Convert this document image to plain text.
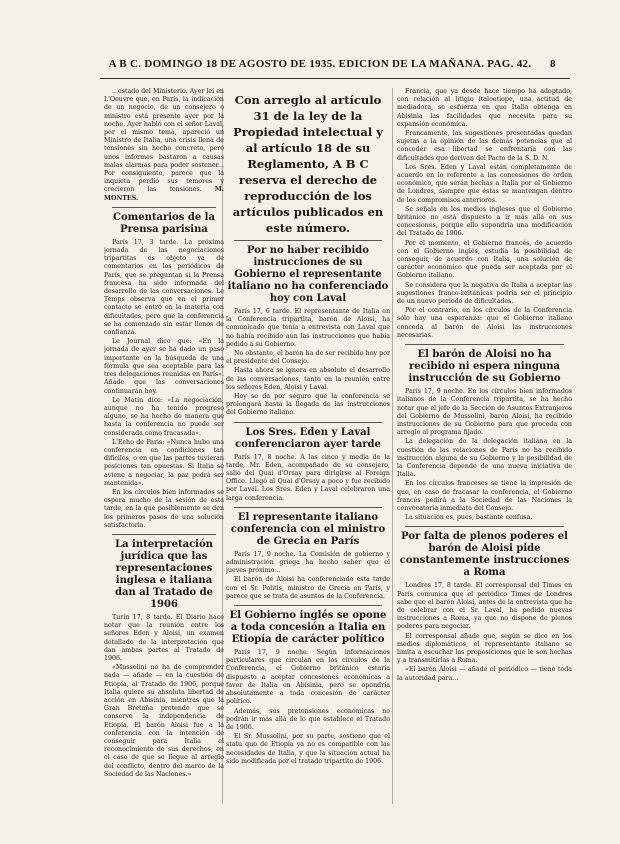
A B C. DOMINGO 18 DE AGOSTO DE 1935. EDICION DE LA MAÑANA. PAG. 42.	8

...estado del Ministerio. Ayer leí en L'Oeuvre que, en París, la indicación de un negocio, de un consejero o ministro está presente ayer por la noche. Ayer habló con el señor Laval, por el mismo tema, apareció un Ministro de Italia, una crisis llena de tensiones sin hecho concreto, pero unos informes bastaron a causas malas alarmas para poder sostener... Por consiguiente, parece que la inquieta perdió sus temores y crecieron las tensiones. M. MONTES.

Comentarios de la Prensa parisina

París 17, 3 tarde. La próxima jornada de las negociaciones tripartitas es objeto ya de comentarios en los periódicos de París, que se preguntan si la Prensa francesa ha sido informada del desarrollo de las conversaciones. Le Temps observa que en el primer contacto se entró en la materia con dificultades, pero que la conferencia se ha comenzado sin estar llenos de confianza.

Le Journal dice que: «En la jornada de ayer se ha dado un paso importante en la búsqueda de una fórmula que sea aceptable para las tres delegaciones reunidas en París». Añade que las conversaciones continuarán hoy.

Le Matin dice: «La negociación, aunque no ha tenido progreso alguno, se ha hecho de manera que hasta la conferencia no puede ser considerada como fracasada».

L'Echo de Paris: «Nunca hubo una conferencia en condiciones tan difíciles, o en que las partes tuvieran posiciones tan opuestas. Si Italia se aviene a negociar, la paz podrá ser mantenida».

En los círculos bien informados se espera mucho de la sesión de esta tarde, en la que posiblemente se den los primeros pasos de una solución satisfactoria.

La interpretación jurídica que las representaciones inglesa e italiana dan al Tratado de 1906

Turín 17, 8 tarde. El Diario hace notar que la reunión entre los señores Eden y Aloisi, un examen detallado de la interpretación que dan ambas partes al Tratado de 1906.

«Mussolini no ha de comprender nada — añade — en la cuestión de Etiopía, al Tratado de 1906, porque Italia quiere su absoluta libertad de acción en Abisinia, mientras que la Gran Bretaña pretende que se conserve la independencia de Etiopía. El barón Aloisi fue a la conferencia con la intención de conseguir para Italia el reconocimiento de sus derechos, en el caso de que se llegue al arreglo del conflicto, dentro del marco de la Sociedad de las Naciones.»

Con arreglo al artículo 31 de la ley de la Propiedad intelectual y al artículo 18 de su Reglamento, A B C reserva el derecho de reproducción de los artículos publicados en este número.
Por no haber recibido instrucciones de su Gobierno el representante italiano no ha conferenciado hoy con Laval

París 17, 6 tarde. El representante de Italia en la Conferencia tripartita, barón de Aloisi, ha comunicado que tenía a entrevista con Laval que no había recibido aún las instrucciones que había pedido a su Gobierno.

No obstante, el barón ha de ser recibido hoy por el presidente del Consejo.

Hasta ahora se ignora en absoluto el desarrollo de las conversaciones, tanto en la reunión entre los señores Eden, Aloisi y Laval.

Hoy se da por seguro que la conferencia se prolongará hasta la llegada de las instrucciones del Gobierno italiano.

Los Sres. Eden y Laval conferenciaron ayer tarde

París 17, 8 noche. A las cinco y media de la tarde, Mr. Eden, acompañado de su consejero, salió del Quai d'Orsay para dirigirse al Foreign Office. Llegó al Quai d'Orsay a poco y fue recibido por Laval. Los Sres. Eden y Laval celebraron una larga conferencia.

El representante italiano conferencia con el ministro de Grecia en París

París 17, 9 noche. La Comisión de gobierno y administración griega ha hecho saber que el jueves próximo...

El barón de Aloisi ha conferenciado esta tarde con el Sr. Politis, ministro de Grecia en París, y parece que se trata de asuntos de la Conferencia.

El Gobierno inglés se opone a toda concesión a Italia en Etiopía de carácter político

París 17, 9 noche. Según informaciones particulares que circulan en los círculos de la Conferencia, el Gobierno británico estaría dispuesto a aceptar concesiones económicas a favor de Italia en Abisinia, pero se opondría absolutamente a toda concesión de carácter político.

Además, sus pretensiones económicas no podrán ir más allá de lo que establece el Tratado de 1906.

El Sr. Mussolini, por su parte, sostiene que el statu quo de Etiopía ya no es compatible con las necesidades de Italia, y que la situación actual ha sido modificada por el tratado tripartito de 1906.

Francia, que ya desde hace tiempo ha adoptado, con relación al litigio italoetíope, una actitud de mediadora, se esfuerza en que Italia obtenga en Abisinia las facilidades que necesita para su expansión económica.

Francamente, las sugestiones presentadas quedan sujetas a la opinión de las demás potencias que al conceder esa libertad se enfrentaría con las dificultades que derivan del Pacto de la S. D. N.

Los Sres. Eden y Laval están completamente de acuerdo en lo referente a las concesiones de orden económico, que serán hechas a Italia por el Gobierno de Londres, siempre que éstas se mantengan dentro de los compromisos anteriores.

Se señala en los medios ingleses que el Gobierno británico no está dispuesto a ir más allá en sus concesiones, porque ello supondría una modificación del Tratado de 1906.

Por el momento, el Gobierno francés, de acuerdo con el Gobierno inglés, estudia la posibilidad de conseguir, de acuerdo con Italia, una solución de carácter económico que pueda ser aceptada por el Gobierno italiano.

Se considera que la negativa de Italia a aceptar las sugestiones franco-británicas podría ser el principio de un nuevo período de dificultades.

Por el contrario, en los círculos de la Conferencia sólo hay una esperanza: que el Gobierno italiano conceda al barón de Aloisi las instrucciones necesarias.

El barón de Aloisi no ha recibido ni espera ninguna instrucción de su Gobierno

París 17, 9 noche. En los círculos bien informados italianos de la Conferencia tripartita, se ha hecho notar que el jefe de la Sección de Asuntos Extranjeros del Gobierno de Mussolini, barón Aloisi, ha recibido instrucciones de su Gobierno para que proceda con arreglo al programa fijado.

La delegación de la delegación italiana en la cuestión de las relaciones de París no ha recibido instrucción alguna de su Gobierno y la posibilidad de la Conferencia depende de una nueva iniciativa de Italia.

En los círculos franceses se tiene la impresión de que, en caso de fracasar la conferencia, el Gobierno francés pedirá a la Sociedad de las Naciones la convocatoria inmediata del Consejo.

La situación es, pues, bastante confusa.

Por falta de plenos poderes el barón de Aloisi pide constantemente instrucciones a Roma

Londres 17, 8 tarde. El corresponsal del Times en París comunica que el periódico Times de Londres sabe que el barón Aloisi, antes de la entrevista que ha de celebrar con el Sr. Laval, ha pedido nuevas instrucciones a Roma, ya que no dispone de plenos poderes para negociar.

El corresponsal añade que, según se dice en los medios diplomáticos, el representante italiano se limita a escuchar las proposiciones que le son hechas y a transmitirlas a Roma.

«El barón Aloisi — añade el periódico — tiene toda la autoridad para...
